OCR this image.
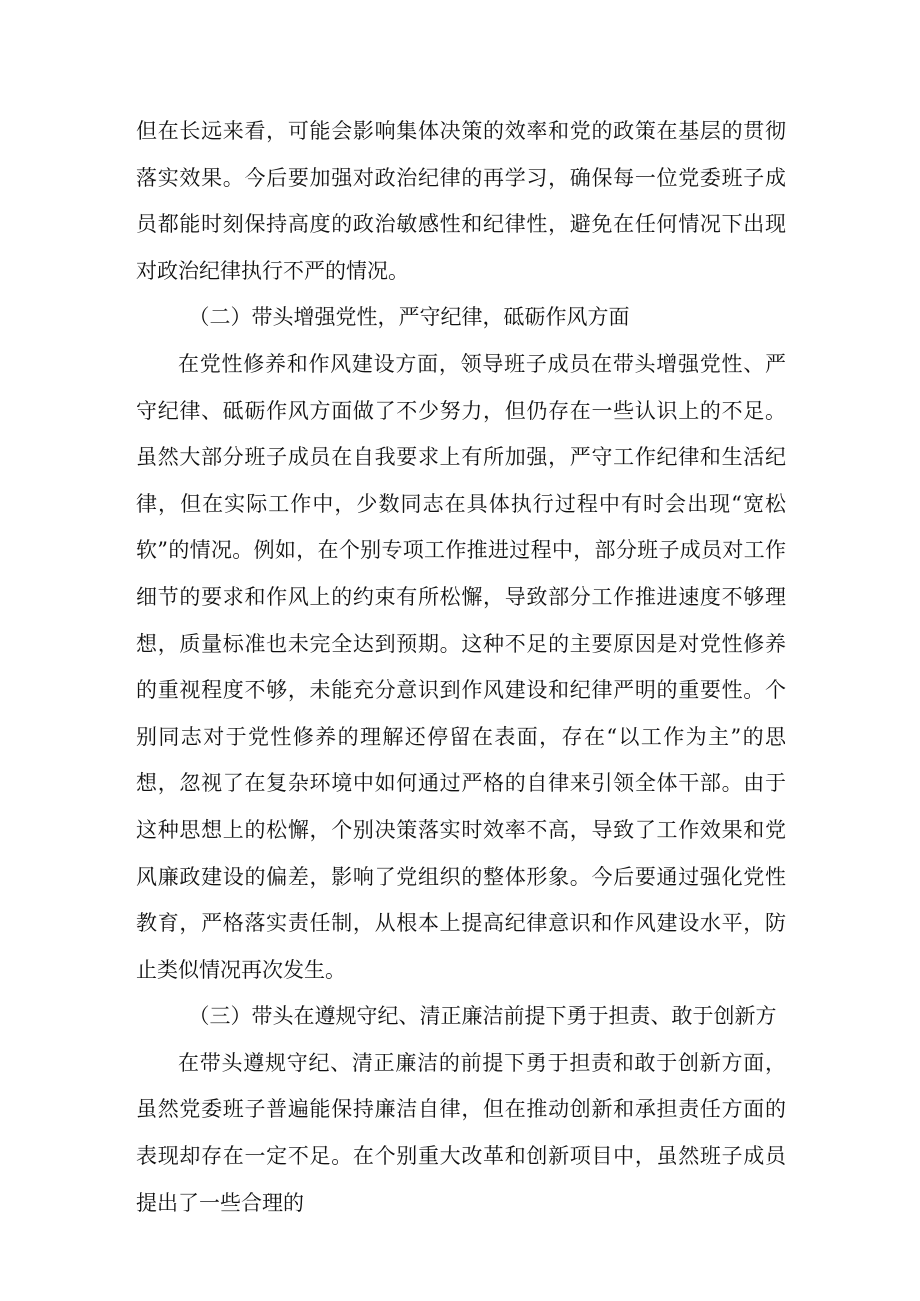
但在长远来看，可能会影响集体决策的效率和党的政策在基层的贯彻落实效果。今后要加强对政治纪律的再学习，确保每一位党委班子成员都能时刻保持高度的政治敏感性和纪律性，避免在任何情况下出现对政治纪律执行不严的情况。

（二）带头增强党性，严守纪律，砥砺作风方面

在党性修养和作风建设方面，领导班子成员在带头增强党性、严守纪律、砥砺作风方面做了不少努力，但仍存在一些认识上的不足。虽然大部分班子成员在自我要求上有所加强，严守工作纪律和生活纪律，但在实际工作中，少数同志在具体执行过程中有时会出现“宽松软”的情况。例如，在个别专项工作推进过程中，部分班子成员对工作细节的要求和作风上的约束有所松懈，导致部分工作推进速度不够理想，质量标准也未完全达到预期。这种不足的主要原因是对党性修养的重视程度不够，未能充分意识到作风建设和纪律严明的重要性。个别同志对于党性修养的理解还停留在表面，存在“以工作为主”的思想，忽视了在复杂环境中如何通过严格的自律来引领全体干部。由于这种思想上的松懈，个别决策落实时效率不高，导致了工作效果和党风廉政建设的偏差，影响了党组织的整体形象。今后要通过强化党性教育，严格落实责任制，从根本上提高纪律意识和作风建设水平，防止类似情况再次发生。

（三）带头在遵规守纪、清正廉洁前提下勇于担责、敢于创新方

在带头遵规守纪、清正廉洁的前提下勇于担责和敢于创新方面，虽然党委班子普遍能保持廉洁自律，但在推动创新和承担责任方面的表现却存在一定不足。在个别重大改革和创新项目中，虽然班子成员提出了一些合理的
